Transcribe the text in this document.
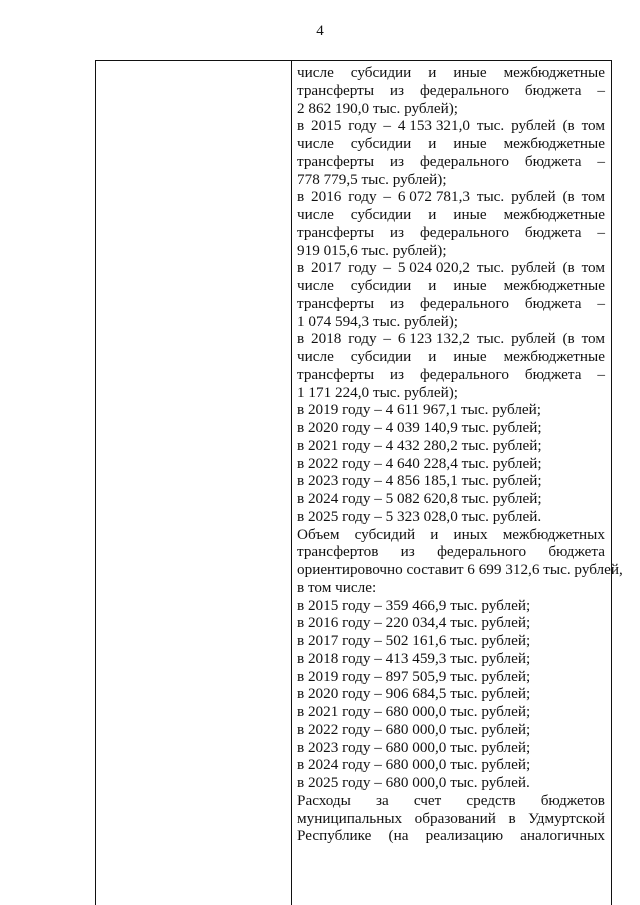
4
числе субсидии и иные межбюджетные
трансферты из федерального бюджета –
2 862 190,0 тыс. рублей);
в 2015 году – 4 153 321,0 тыс. рублей (в том
числе субсидии и иные межбюджетные
трансферты из федерального бюджета –
778 779,5 тыс. рублей);
в 2016 году – 6 072 781,3 тыс. рублей (в том
числе субсидии и иные межбюджетные
трансферты из федерального бюджета –
919 015,6 тыс. рублей);
в 2017 году – 5 024 020,2 тыс. рублей (в том
числе субсидии и иные межбюджетные
трансферты из федерального бюджета –
1 074 594,3 тыс. рублей);
в 2018 году – 6 123 132,2 тыс. рублей (в том
числе субсидии и иные межбюджетные
трансферты из федерального бюджета –
1 171 224,0 тыс. рублей);
в 2019 году – 4 611 967,1 тыс. рублей;
в 2020 году – 4 039 140,9 тыс. рублей;
в 2021 году – 4 432 280,2 тыс. рублей;
в 2022 году – 4 640 228,4 тыс. рублей;
в 2023 году – 4 856 185,1 тыс. рублей;
в 2024 году – 5 082 620,8 тыс. рублей;
в 2025 году – 5 323 028,0 тыс. рублей.
Объем субсидий и иных межбюджетных
трансфертов из федерального бюджета
ориентировочно составит 6 699 312,6 тыс. рублей,
в том числе:
в 2015 году – 359 466,9 тыс. рублей;
в 2016 году – 220 034,4 тыс. рублей;
в 2017 году – 502 161,6 тыс. рублей;
в 2018 году – 413 459,3 тыс. рублей;
в 2019 году – 897 505,9 тыс. рублей;
в 2020 году – 906 684,5 тыс. рублей;
в 2021 году – 680 000,0 тыс. рублей;
в 2022 году – 680 000,0 тыс. рублей;
в 2023 году – 680 000,0 тыс. рублей;
в 2024 году – 680 000,0 тыс. рублей;
в 2025 году – 680 000,0 тыс. рублей.
Расходы за счет средств бюджетов
муниципальных образований в Удмуртской
Республике (на реализацию аналогичных
